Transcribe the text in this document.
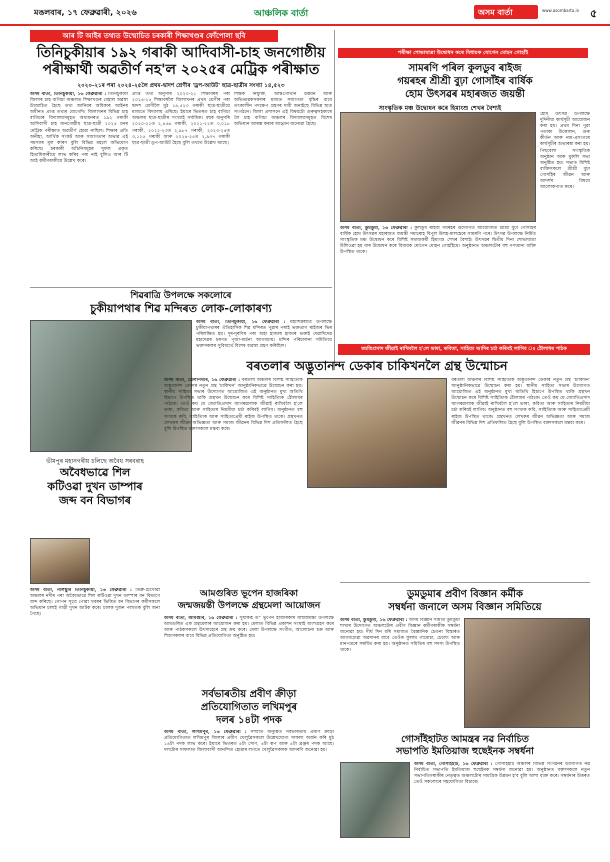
মঙলবাৰ, ১৭ ফেব্ৰুৱাৰী, ২০২৬	আঞ্চলিক বাৰ্তা	অসম বাৰ্তা	www.asombarta.in ৫
আৰ টি আইৰ তথ্যত উন্মোচিত চৰকাৰী শিক্ষাখণ্ডৰ ফোঁপোলা ছবি
পৰীক্ষা শোভাযাত্ৰা উদ্বোধন কৰে বিধায়ক যোগেন মোহন গোহাঁই

তিনিচুকীয়াৰ ১৯২ গৰাকী আদিবাসী-চাহ জনগোষ্ঠীয়

পৰীক্ষাৰ্থী অৱতীৰ্ণ নহ'ল ২০২৫ৰ মেট্ৰিক পৰীক্ষাত

২০২০-২১ৰ পৰা ২০২৪-২৫লৈ প্ৰথম-দ্বাদশ শ্ৰেণীৰ 'ড্ৰপ-আউট' ছাত্ৰ-ছাত্ৰীৰ সংখ্যা ১৪,৫২৩

অসম বাৰ্তা, তিনিচুকীয়া, ১৬ ফেব্ৰুৱাৰী : তিনিচুকীয়া জিলাৰ চাহ বাগিচা অঞ্চলত শিক্ষাখণ্ডৰ বেহাল অৱস্থা উন্মোচিত হৈছে তথ্য জানিবৰ অধিকাৰ আইনৰ অধীনত প্ৰাপ্ত তথ্যৰ যোগেদি। জিলাখনৰ বিভিন্ন চাহ বাগিচাৰ বিদ্যালয়সমূহত অধ্যয়নৰত ১৯২ গৰাকী আদিবাসী চাহ জনগোষ্ঠীয় ছাত্ৰ-ছাত্ৰী ২০২৫ চনৰ মেট্ৰিক পৰীক্ষাত অৱতীৰ্ণ হোৱা নাছিল। শিক্ষাৰ প্ৰতি অনীহা, আৰ্থিক সংকট আৰু সজাগতাৰ অভাৱ এই সমস্যাৰ মূল কাৰণ বুলি বিভিন্ন মহলে অভিযোগ কৰিছে। চৰকাৰী আঁচনিসমূহৰ সুফল প্ৰকৃত হিতাধিকাৰীয়ে লাভ কৰিব পৰা নাই বুলিও আৰ টি আই কৰ্মীগৰাকীয়ে উল্লেখ কৰে।

প্ৰাপ্ত তথ্য অনুসৰি ২০২০-২১ শিক্ষাবৰ্ষৰ পৰা ২০২৪-২৫ শিক্ষাবৰ্ষলৈ জিলাখনৰ প্ৰথম শ্ৰেণীৰ পৰা দ্বাদশ শ্ৰেণীলৈ মুঠ ১৪,৫২৩ গৰাকী ছাত্ৰ-ছাত্ৰীয়ে মাজতে বিদ্যালয় এৰিছে। ইয়াৰে ভিতৰত চাহ বাগিচা অঞ্চলৰ ছাত্ৰ-ছাত্ৰীৰ সংখ্যাই সৰ্বাধিক। বছৰ অনুসৰি ২০২০-২১ত ২,৪৫৬ গৰাকী, ২০২১-২২ত ৩,০১৮ গৰাকী, ২০২২-২৩ত ২,৯৮৭ গৰাকী, ২০২৩-২৪ত ৩,১২৫ গৰাকী আৰু ২০২৪-২৫ত ২,৯৩৭ গৰাকী ছাত্ৰ-ছাত্ৰী ড্ৰপ-আউট হৈছে বুলি তথ্যত উল্লেখ আছে।

শিক্ষক নিযুক্তি, আন্তঃগাঁথনি উন্নয়ন আৰু অভিভাৱকসকলৰ মাজত সজাগতা বৃদ্ধিৰ বাবে তৎকালীন পদক্ষেপ গ্ৰহণৰ দাবী জনাইছে বিভিন্ন ছাত্ৰ সংগঠনে। জিলা প্ৰশাসনে এই বিষয়টো গুৰুত্বসহকাৰে লৈ চাহ বাগিচা অঞ্চলৰ বিদ্যালয়সমূহত বিশেষ অভিযান আৰম্ভ কৰাৰ আহ্বান জনোৱা হৈছে।

শিৱৰাত্ৰি উপলক্ষে সকলোৰে

চুকীয়াপথাৰ শিৱ মন্দিৰত লোক-লোকাৰণ্য

অসম বাৰ্তা, তিনিচুকীয়া, ১৬ ফেব্ৰুৱাৰী : মহাশিৱৰাত্ৰি উপলক্ষে চুকীয়াপথাৰৰ ঐতিহাসিক শিৱ মন্দিৰত পুৱাৰ পৰাই ভক্তপ্ৰাণ ৰাইজৰ ভিৰ পৰিলক্ষিত হয়। দূৰ-দূৰণিৰ পৰা অহা হাজাৰ হাজাৰ ভক্তই দেৱাদিদেৱ মহাদেৱৰ চৰণত পূজা-অৰ্চনা আগবঢ়ায়। মন্দিৰ পৰিচালনা সমিতিয়ে ভক্তসকলৰ সুবিধাৰ্থে বিশেষ ব্যৱস্থা গ্ৰহণ কৰিছিল।

ভীমপুৰ মহানগৰীয় চলিছে অবৈধ সৰবৰাহ

অবৈধভাৱে শিল

কটিওৱা দুখন ডাম্পাৰ

জব্দ বন বিভাগৰ

অসম বাৰ্তা, নলিছুৰি তিনিচুকীয়া, ১৬ ফেব্ৰুৱাৰী : ডিব্ৰু-চৈখোৱা অঞ্চলৰ নদীৰ পৰা অবৈধভাৱে শিল কটিওৱা দুখন ডাম্পাৰ বন বিভাগে জব্দ কৰিছে। গোপন সূত্ৰে পোৱা খবৰৰ ভিত্তিত বন বিভাগৰ কৰ্মীসকলে অভিযান চলাই গাড়ী দুখন আটক কৰে। চালক দুজন পলাতক বুলি জনা গৈছে।

আমগুৰিত ভূপেন হাজৰিকা

জন্মজয়ন্তী উপলক্ষে গ্ৰন্থমেলা আয়োজন

অসম বাৰ্তা, আমগুৰি, ১৬ ফেব্ৰুৱাৰী : সুধাকণ্ঠ ড° ভূপেন হাজৰিকাৰ জন্মজয়ন্তী উপলক্ষে আমগুৰিত এক গ্ৰন্থমেলাৰ আয়োজন কৰা হয়। মেলাত বিভিন্ন প্ৰকাশন সংস্থাই অংশগ্ৰহণ কৰে আৰু পাঠকসকলে উৎসাহেৰে গ্ৰন্থ ক্ৰয় কৰে। মেলা উপলক্ষে সংগীত, আলোচনা চক্ৰ আৰু শিশুসকলৰ বাবে বিভিন্ন প্ৰতিযোগিতা অনুষ্ঠিত হয়।

সৰ্বভাৰতীয় প্ৰবীণ ক্ৰীড়া

প্ৰতিযোগিতাত লখিমপুৰ

দলৰ ১৪টা পদক

অসম বাৰ্তা, লখিমপুৰ, ১৬ ফেব্ৰুৱাৰী : সম্প্ৰতি অনুষ্ঠিত সৰ্বভাৰতীয় প্ৰবীণ ক্ৰীড়া প্ৰতিযোগিতাত লখিমপুৰ জিলাৰ প্ৰবীণ খেলুৱৈসকলে উল্লেখযোগ্য সাফল্য অৰ্জন কৰি মুঠ ১৪টা পদক লাভ কৰে। ইয়াৰে ভিতৰত ৫টা সোণ, ৪টা ৰূপ আৰু ৫টা ব্ৰঞ্জৰ পদক আছে। দলটোৰ সাফল্যত জিলাবাসী আনন্দিত হোৱাৰ লগতে খেলুৱৈসকলক আদৰণি জনোৱা হয়।

সামৰণি পৰিল কুলডুব ৰাইজ

গয়ৰহৰ শ্ৰীশ্ৰী বুঢ়া গোসাঁইৰ বাৰ্ষিক

হোম উৎসৱৰ মহাৰজত জয়ন্তী

সাংস্কৃতিক মঞ্চ উদ্বোধন কৰে হিমাংশু শেখৰ বৈশ্যই

হোম উৎসৱ উপলক্ষে দুদিনীয়া কাৰ্যসূচী আয়োজন কৰা হয়। প্ৰথম দিনা পুৱা পতাকা উত্তোলন, গুৰু কীৰ্তন আৰু নাম-প্ৰসংগৰে কাৰ্যসূচীৰ শুভাৰম্ভ কৰা হয়। পিছবেলা সাংস্কৃতিক অনুষ্ঠান আৰু মুকলি সভা অনুষ্ঠিত হয়। সভাত বিশিষ্ট ব্যক্তিসকলে শ্ৰীশ্ৰী বুঢ়া গোসাঁইৰ জীৱন আৰু আদৰ্শৰ বিষয়ে আলোকপাত কৰে।

অসম বাৰ্তা, ডুমডুমা, ১৬ ফেব্ৰুৱাৰী : কুলডুব ৰাইজ গয়ৰহৰ উদ্যোগত আয়োজিত শ্ৰীশ্ৰী বুঢ়া গোসাঁইৰ বাৰ্ষিক হোম উৎসৱৰ মহাৰজত জয়ন্তী সমাৰোহ বিপুল উলহ-মালহেৰে সামৰণি পৰে। উৎসৱ উপলক্ষে নিৰ্মিত সাংস্কৃতিক মঞ্চ উদ্বোধন কৰে বিশিষ্ট সমাজকৰ্মী হিমাংশু শেখৰ বৈশ্যই। উৎসৱৰ দ্বিতীয় দিনা শোভাযাত্ৰা উলিওৱা হয় যাৰ উদ্বোধন কৰে বিধায়ক যোগেন মোহন গোহাঁইয়ে। অনুষ্ঠানত অঞ্চলটোৰ বহু গণ্যমান্য ব্যক্তি উপস্থিত থাকে।

জ্যতিপ্ৰসাদ জীৱাই ৰাখিবলৈ হ'লে ভাষা, কবিতা, সাহিত্য আদিৰ চৰ্চা কৰিবই লাগিব ঃ ঠৌলাধৰ পাঠক
বৰতলাৰ অদ্ভুতানন্দ ডেকাৰ চাকিখনলৈ গ্ৰন্থ উন্মোচন

অসম বাৰ্তা, ডেলাপথাৰ, ১৬ ফেব্ৰুৱাৰী : বৰতলা অঞ্চলৰ বিশিষ্ট সাহিত্যিক অদ্ভুতানন্দ ডেকাৰ নতুন গ্ৰন্থ 'চাকিখন' আনুষ্ঠানিকভাৱে উন্মোচন কৰা হয়। স্থানীয় সাহিত্য সভাৰ উদ্যোগত আয়োজিত এই অনুষ্ঠানত মুখ্য অতিথি হিচাপে উপস্থিত থাকি গ্ৰন্থখন উন্মোচন কৰে বিশিষ্ট সাহিত্যিক ঠৌলাধৰ পাঠকে। তেওঁ কয় যে জ্যোতিপ্ৰসাদ আগৰৱালাক জীৱাই ৰাখিবলৈ হ'লে ভাষা, কবিতা আৰু সাহিত্যৰ নিয়মীয়া চৰ্চা কৰিবই লাগিব। অনুষ্ঠানত বহু সংখ্যক কবি, সাহিত্যিক আৰু সাহিত্যপ্ৰেমী ৰাইজ উপস্থিত থাকে। গ্ৰন্থখনত লেখকৰ জীৱন অভিজ্ঞতা আৰু সমাজ জীৱনৰ বিভিন্ন দিশ প্ৰতিফলিত হৈছে বুলি উপস্থিত বক্তাসকলে মন্তব্য কৰে।

বৰতলা অঞ্চলৰ বিশিষ্ট সাহিত্যিক অদ্ভুতানন্দ ডেকাৰ নতুন গ্ৰন্থ 'চাকিখন' আনুষ্ঠানিকভাৱে উন্মোচন কৰা হয়। স্থানীয় সাহিত্য সভাৰ উদ্যোগত আয়োজিত এই অনুষ্ঠানত মুখ্য অতিথি হিচাপে উপস্থিত থাকি গ্ৰন্থখন উন্মোচন কৰে বিশিষ্ট সাহিত্যিক ঠৌলাধৰ পাঠকে। তেওঁ কয় যে জ্যোতিপ্ৰসাদ আগৰৱালাক জীৱাই ৰাখিবলৈ হ'লে ভাষা, কবিতা আৰু সাহিত্যৰ নিয়মীয়া চৰ্চা কৰিবই লাগিব। অনুষ্ঠানত বহু সংখ্যক কবি, সাহিত্যিক আৰু সাহিত্যপ্ৰেমী ৰাইজ উপস্থিত থাকে। গ্ৰন্থখনত লেখকৰ জীৱন অভিজ্ঞতা আৰু সমাজ জীৱনৰ বিভিন্ন দিশ প্ৰতিফলিত হৈছে বুলি উপস্থিত বক্তাসকলে মন্তব্য কৰে।

ডুমডুমাৰ প্ৰবীণ বিজ্ঞান কৰ্মীক

সম্বৰ্ধনা জনালে অসম বিজ্ঞান সমিতিয়ে

অসম বাৰ্তা, ডুমডুমা, ১৬ ফেব্ৰুৱাৰী : অসম বিজ্ঞান সমিতি ডুমডুমা শাখাৰ উদ্যোগত অঞ্চলটোৰ প্ৰবীণ বিজ্ঞান কৰ্মীগৰাকীক সম্বৰ্ধনা জনোৱা হয়। দীৰ্ঘ দিন ধৰি সমাজত বৈজ্ঞানিক চেতনা বিস্তাৰত আগবঢ়োৱা অৱদানৰ বাবে তেওঁক ফুলাম গামোচা, চেলেং আৰু মানপত্ৰৰে সম্বৰ্ধিত কৰা হয়। অনুষ্ঠানত সমিতিৰ বহু সদস্য উপস্থিত থাকে।

গোসাঁইহাটত আমন্ত্ৰৰ নৱ নিৰ্বাচিত

সভাপতি ইমতিয়াজ হুছেইনক সম্বৰ্ধনা

অসম বাৰ্তা, গোসাঁইহাট, ১৬ ফেব্ৰুৱাৰী : গোসাঁইহাট অঞ্চলৰ বিভিন্ন সংগঠনৰ উদ্যোগত নৱ নিৰ্বাচিত সভাপতি ইমতিয়াজ হুছেইনক সম্বৰ্ধনা জনোৱা হয়। অনুষ্ঠানত বক্তাসকলে নতুন সভাপতিগৰাকীৰ নেতৃত্বত অঞ্চলটোৰ সামগ্ৰিক উন্নয়ন হ'ব বুলি আশা ব্যক্ত কৰে। সম্বৰ্ধনাৰ উত্তৰত তেওঁ সকলোৰে সহযোগিতা বিচাৰে।
